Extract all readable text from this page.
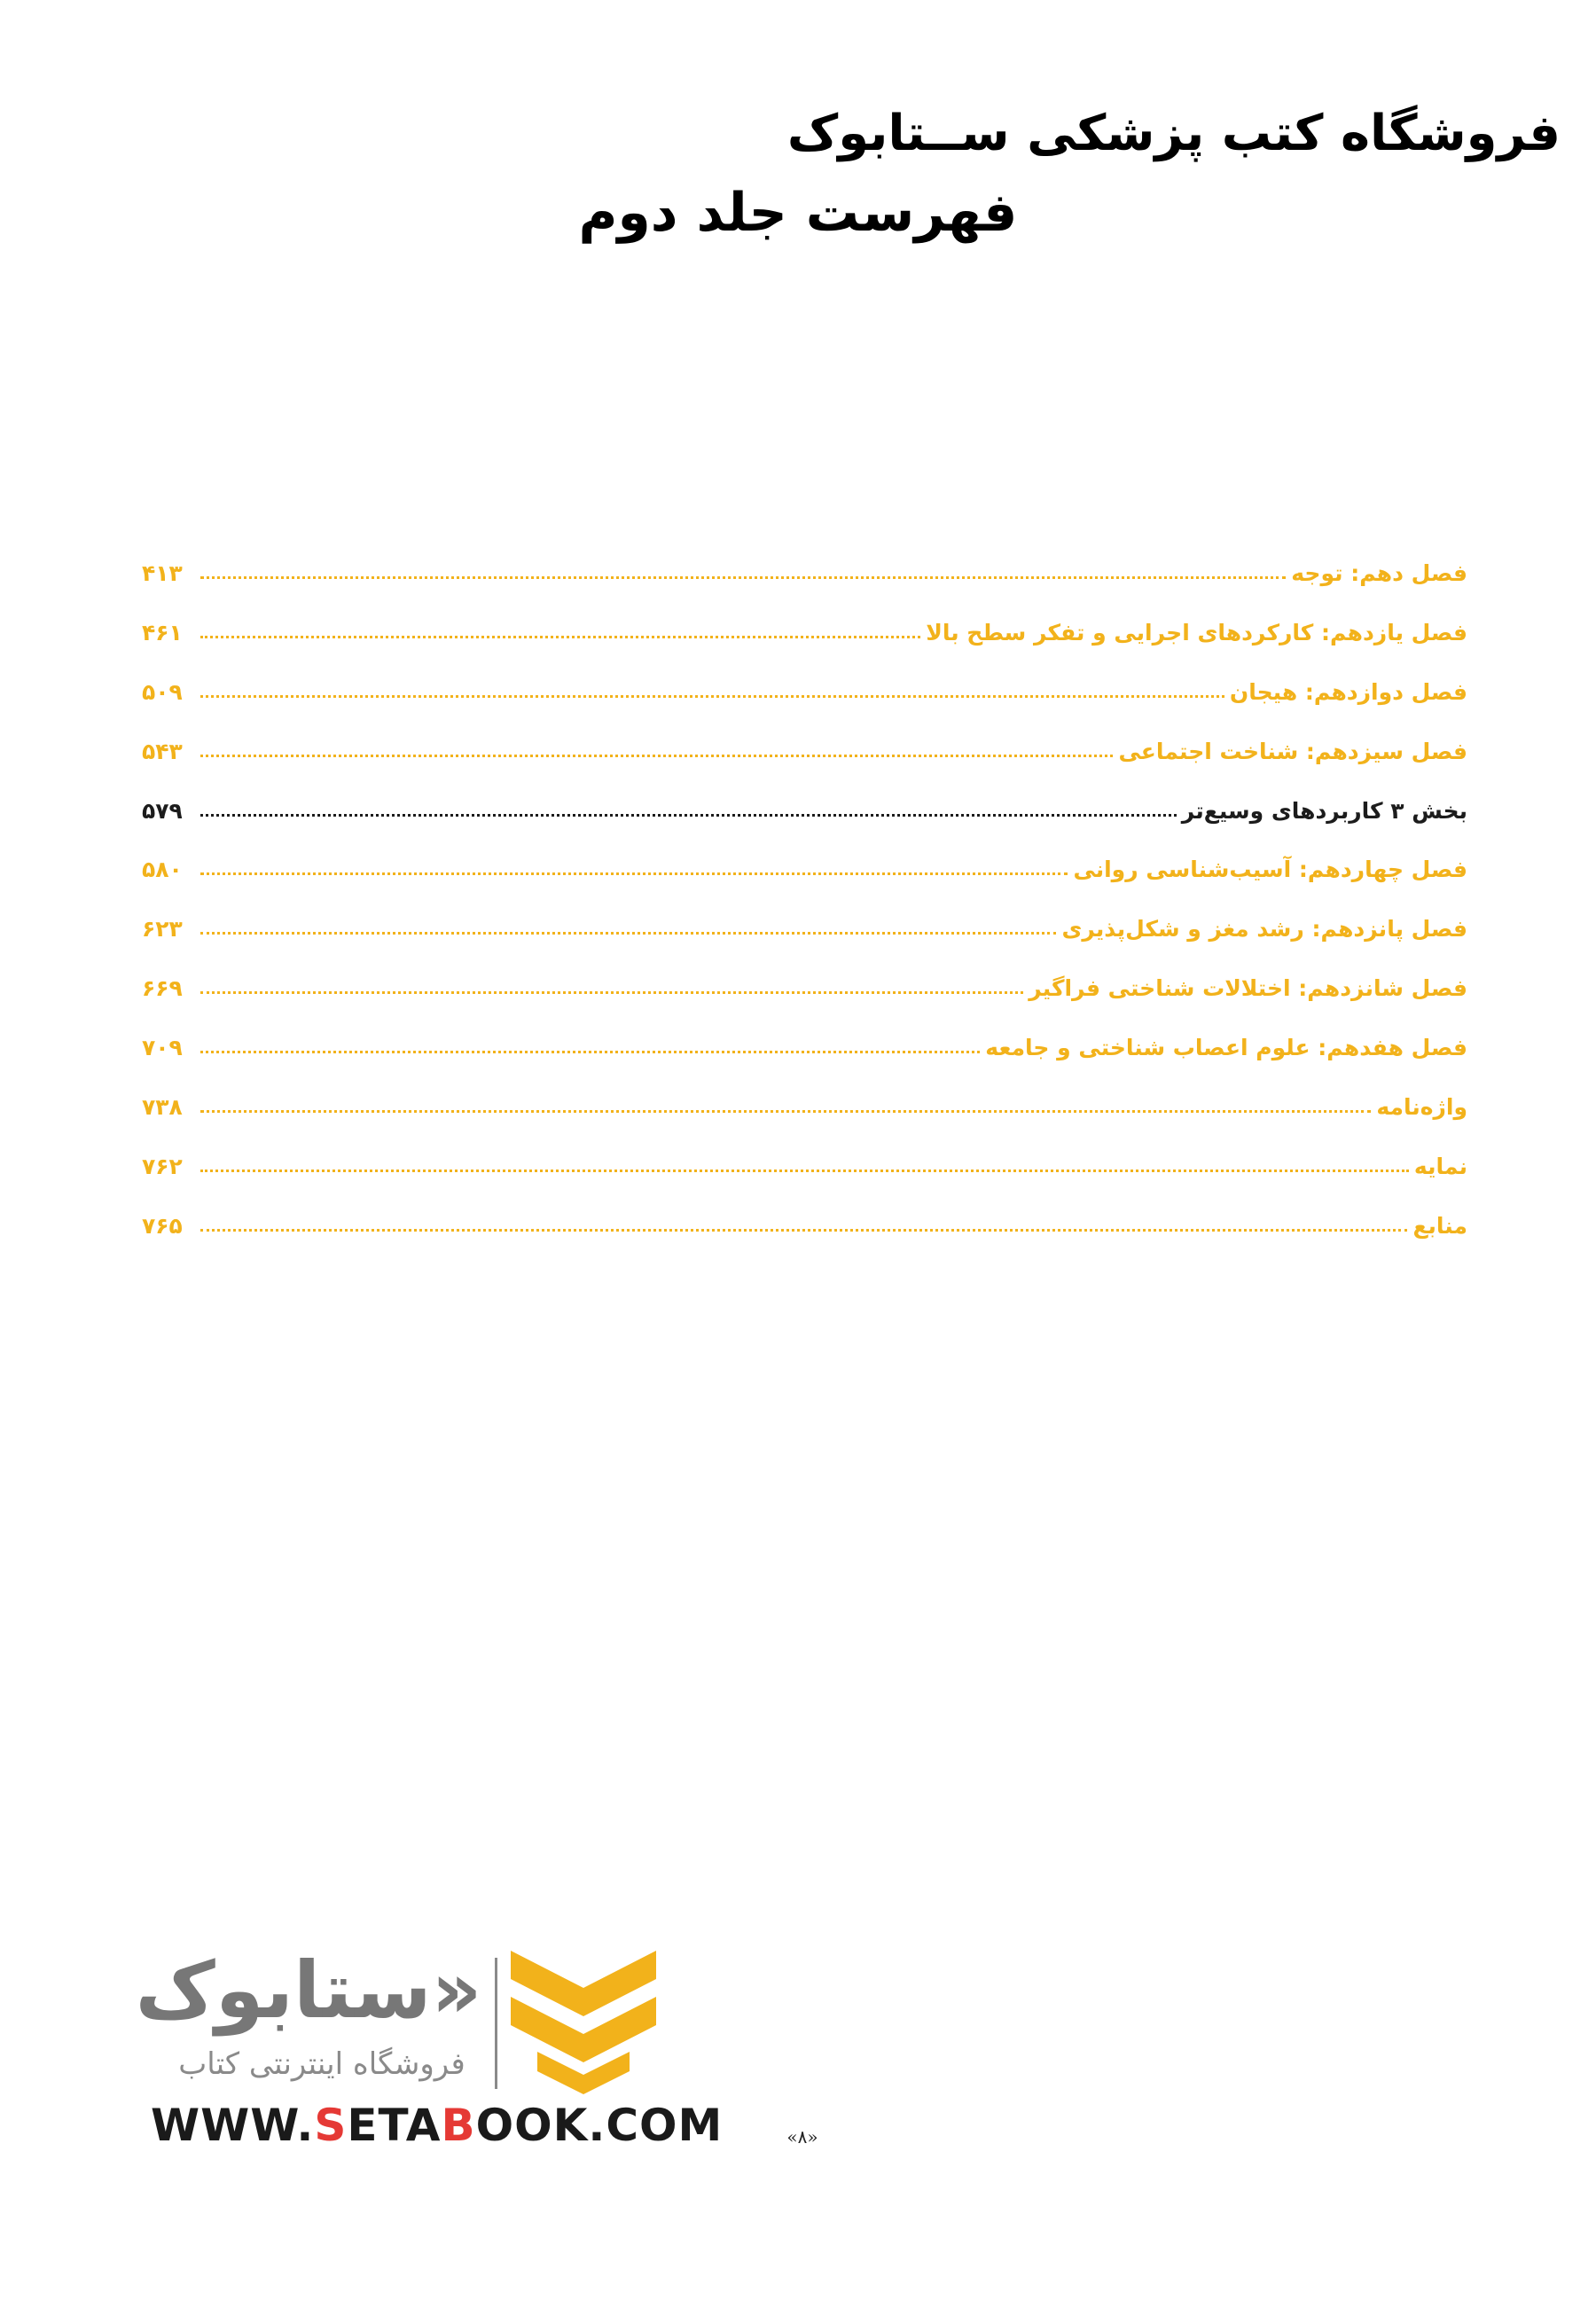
فروشگاه کتب پزشکی ســتابوک
فهرست جلد دوم
فصل دهم: توجه
۴۱۳
فصل یازدهم: کارکردهای اجرایی و تفکر سطح بالا
۴۶۱
فصل دوازدهم: هیجان
۵۰۹
فصل سیزدهم: شناخت اجتماعی
۵۴۳
بخش ۳ کاربردهای وسیع‌تر
۵۷۹
فصل چهاردهم: آسیب‌شناسی روانی
۵۸۰
فصل پانزدهم: رشد مغز و شکل‌پذیری
۶۲۳
فصل شانزدهم: اختلالات شناختی فراگیر
۶۶۹
فصل هفدهم: علوم اعصاب شناختی و جامعه
۷۰۹
واژه‌نامه
۷۳۸
نمایه
۷۶۲
منابع
۷۶۵
«ستابوک
فروشگاه اینترنتی کتاب
WWW.SETABOOK.COM	«۸»
